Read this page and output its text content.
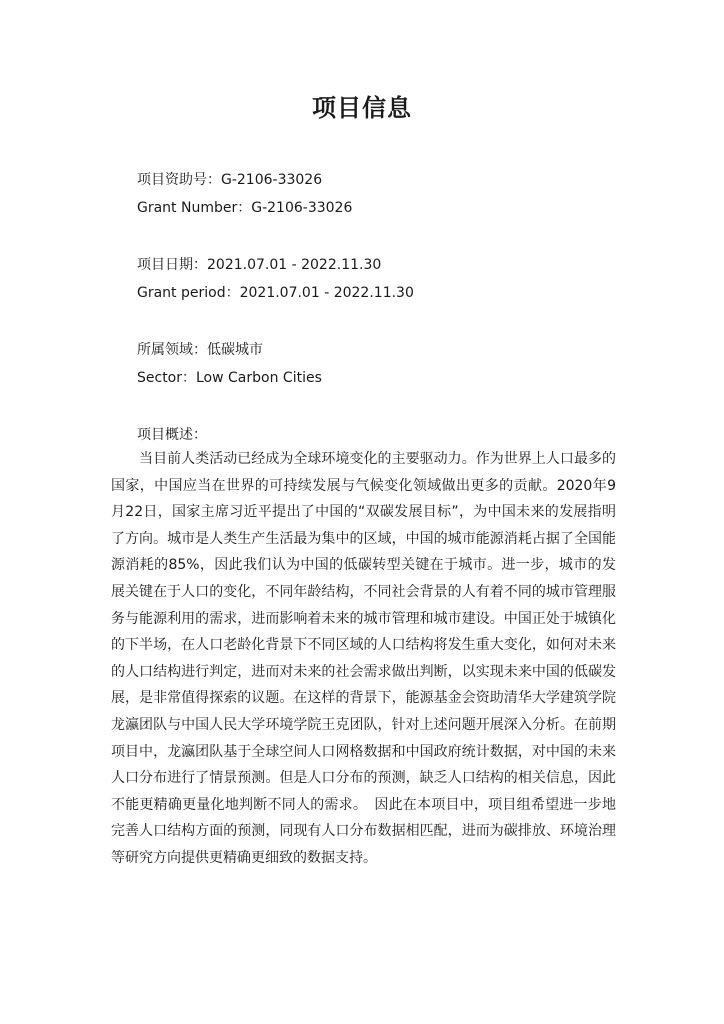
项目信息
项目资助号：G-2106-33026
Grant Number：G-2106-33026
项目日期：2021.07.01 - 2022.11.30
Grant period：2021.07.01 - 2022.11.30
所属领域：低碳城市
Sector：Low Carbon Cities
项目概述：

　　当目前人类活动已经成为全球环境变化的主要驱动力。作为世界上人口最多的国家，中国应当在世界的可持续发展与气候变化领域做出更多的贡献。2020年9月22日，国家主席习近平提出了中国的“双碳发展目标”，为中国未来的发展指明了方向。城市是人类生产生活最为集中的区域，中国的城市能源消耗占据了全国能源消耗的85%，因此我们认为中国的低碳转型关键在于城市。进一步，城市的发展关键在于人口的变化，不同年龄结构，不同社会背景的人有着不同的城市管理服务与能源利用的需求，进而影响着未来的城市管理和城市建设。中国正处于城镇化的下半场，在人口老龄化背景下不同区域的人口结构将发生重大变化，如何对未来的人口结构进行判定，进而对未来的社会需求做出判断，以实现未来中国的低碳发展，是非常值得探索的议题。在这样的背景下，能源基金会资助清华大学建筑学院龙瀛团队与中国人民大学环境学院王克团队，针对上述问题开展深入分析。在前期项目中，龙瀛团队基于全球空间人口网格数据和中国政府统计数据，对中国的未来人口分布进行了情景预测。但是人口分布的预测，缺乏人口结构的相关信息，因此不能更精确更量化地判断不同人的需求。　因此在本项目中，项目组希望进一步地完善人口结构方面的预测，同现有人口分布数据相匹配，进而为碳排放、环境治理等研究方向提供更精确更细致的数据支持。
